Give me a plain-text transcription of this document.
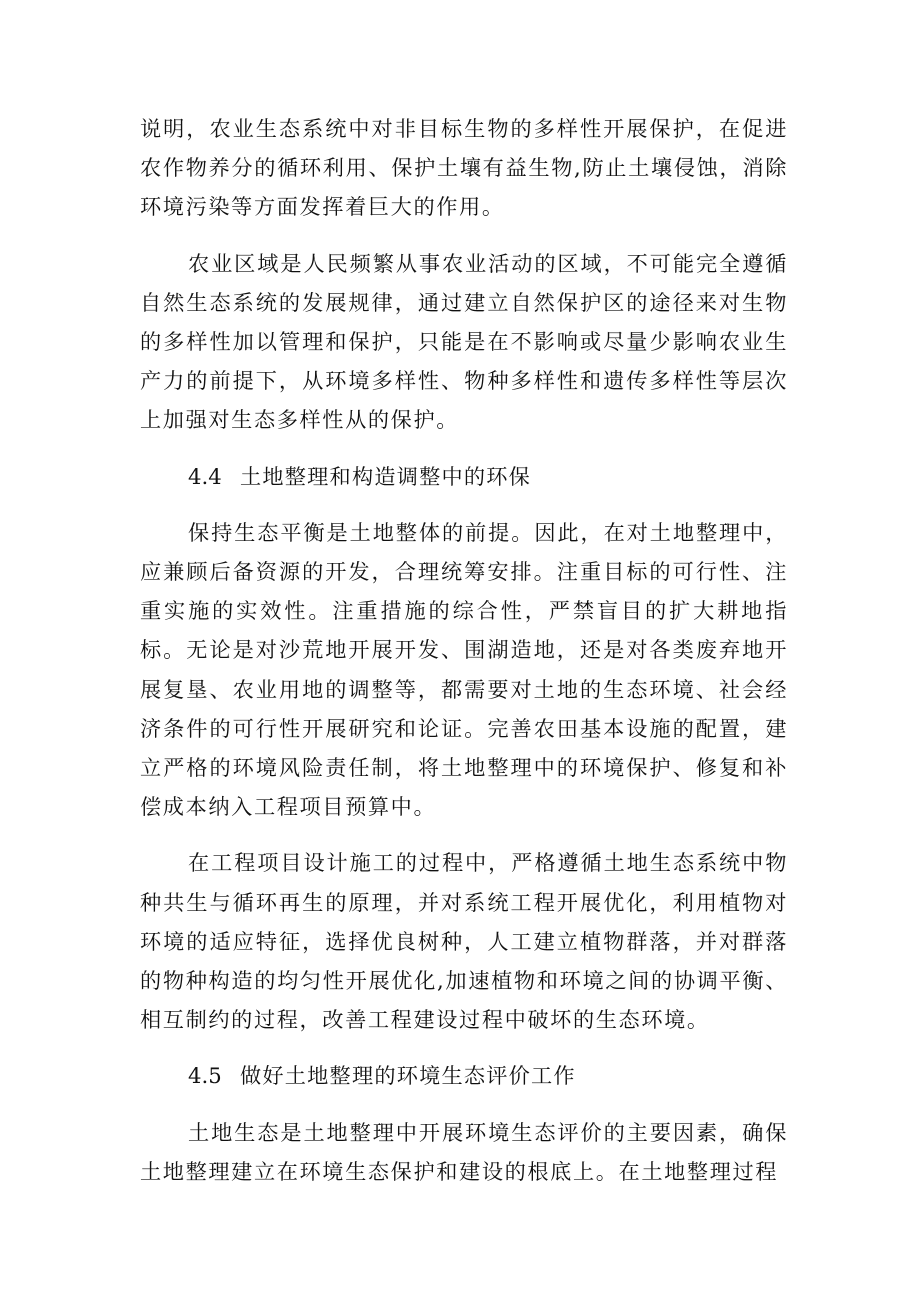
说明，农业生态系统中对非目标生物的多样性开展保护，在促进农作物养分的循环利用、保护土壤有益生物,防止土壤侵蚀，消除环境污染等方面发挥着巨大的作用。

农业区域是人民频繁从事农业活动的区域，不可能完全遵循自然生态系统的发展规律，通过建立自然保护区的途径来对生物的多样性加以管理和保护，只能是在不影响或尽量少影响农业生产力的前提下，从环境多样性、物种多样性和遗传多样性等层次上加强对生态多样性从的保护。

4.4 土地整理和构造调整中的环保

保持生态平衡是土地整体的前提。因此，在对土地整理中，应兼顾后备资源的开发，合理统筹安排。注重目标的可行性、注重实施的实效性。注重措施的综合性，严禁盲目的扩大耕地指标。无论是对沙荒地开展开发、围湖造地，还是对各类废弃地开展复垦、农业用地的调整等，都需要对土地的生态环境、社会经济条件的可行性开展研究和论证。完善农田基本设施的配置，建立严格的环境风险责任制，将土地整理中的环境保护、修复和补偿成本纳入工程项目预算中。

在工程项目设计施工的过程中，严格遵循土地生态系统中物种共生与循环再生的原理，并对系统工程开展优化，利用植物对环境的适应特征，选择优良树种，人工建立植物群落，并对群落的物种构造的均匀性开展优化,加速植物和环境之间的协调平衡、相互制约的过程，改善工程建设过程中破坏的生态环境。

4.5 做好土地整理的环境生态评价工作

土地生态是土地整理中开展环境生态评价的主要因素，确保土地整理建立在环境生态保护和建设的根底上。在土地整理过程
